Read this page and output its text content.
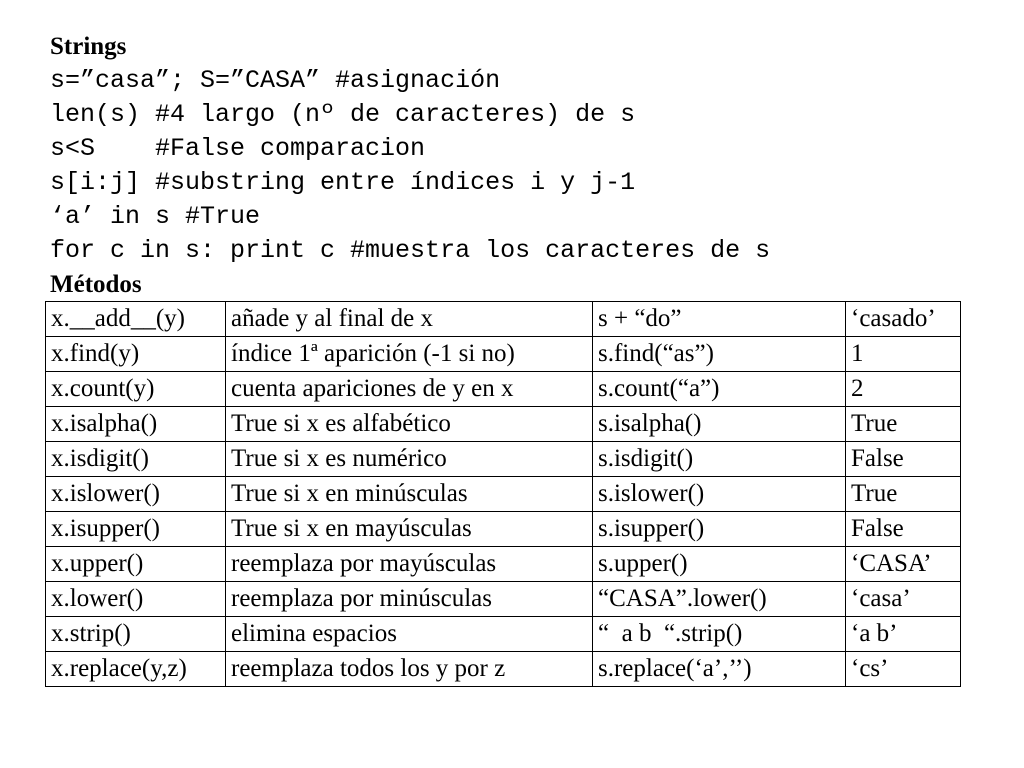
Strings
s=”casa”; S=”CASA” #asignación
len(s) #4 largo (nº de caracteres) de s
s<S    #False comparacion
s[i:j] #substring entre índices i y j-1
‘a’ in s #True
for c in s: print c #muestra los caracteres de s
Métodos
x.__add__(y)	añade y al final de x	s + “do”	‘casado’
x.find(y)	índice 1ª aparición (-1 si no)	s.find(“as”)	1
x.count(y)	cuenta apariciones de y en x	s.count(“a”)	2
x.isalpha()	True si x es alfabético	s.isalpha()	True
x.isdigit()	True si x es numérico	s.isdigit()	False
x.islower()	True si x en minúsculas	s.islower()	True
x.isupper()	True si x en mayúsculas	s.isupper()	False
x.upper()	reemplaza por mayúsculas	s.upper()	‘CASA’
x.lower()	reemplaza por minúsculas	“CASA”.lower()	‘casa’
x.strip()	elimina espacios	“  a b  “.strip()	‘a b’
x.replace(y,z)	reemplaza todos los y por z	s.replace(‘a’,’’)	‘cs’
